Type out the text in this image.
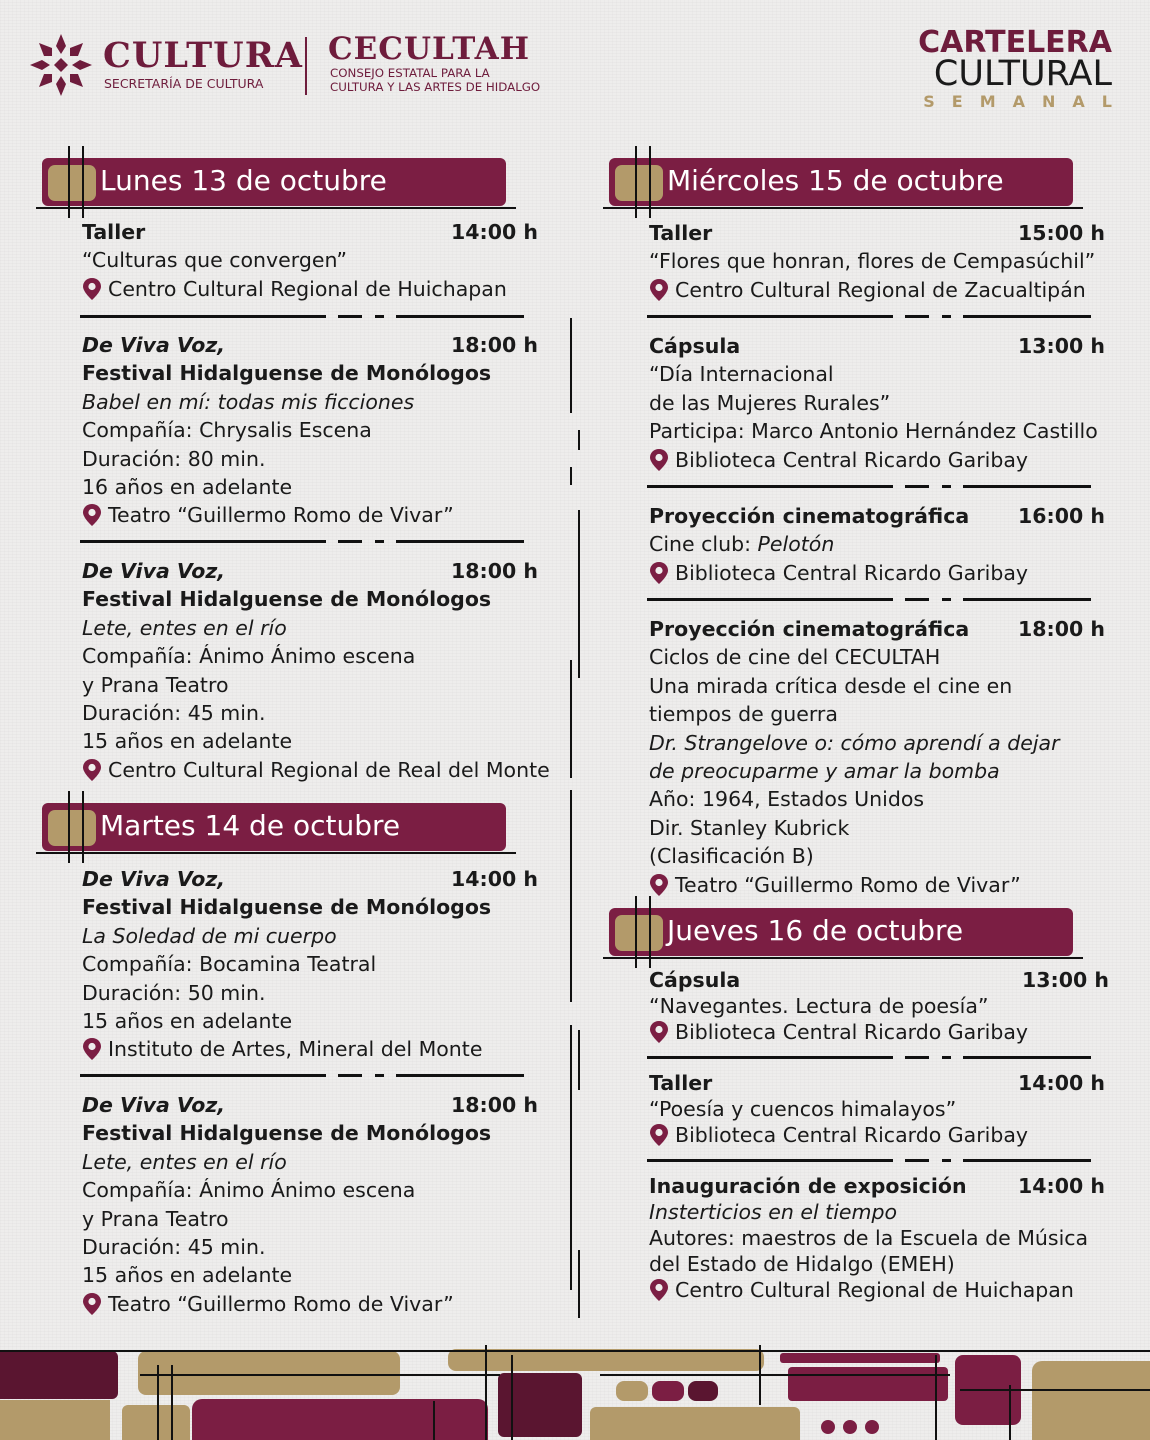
CULTURA
SECRETARÍA DE CULTURA
CECULTAH
CONSEJO ESTATAL PARA LA
CULTURA Y LAS ARTES DE HIDALGO
CARTELERA
CULTURAL
SEMANAL
Lunes 13 de octubre
Martes 14 de octubre
Miércoles 15 de octubre
Jueves 16 de octubre
Taller	14:00 h
“Culturas que convergen”
Centro Cultural Regional de Huichapan
De Viva Voz,	18:00 h
Festival Hidalguense de Monólogos
Babel en mí: todas mis ficciones
Compañía: Chrysalis Escena
Duración: 80 min.
16 años en adelante
Teatro “Guillermo Romo de Vivar”
De Viva Voz,	18:00 h
Festival Hidalguense de Monólogos
Lete, entes en el río
Compañía: Ánimo Ánimo escena
y Prana Teatro
Duración: 45 min.
15 años en adelante
Centro Cultural Regional de Real del Monte
De Viva Voz,	14:00 h
Festival Hidalguense de Monólogos
La Soledad de mi cuerpo
Compañía: Bocamina Teatral
Duración: 50 min.
15 años en adelante
Instituto de Artes, Mineral del Monte
De Viva Voz,	18:00 h
Festival Hidalguense de Monólogos
Lete, entes en el río
Compañía: Ánimo Ánimo escena
y Prana Teatro
Duración: 45 min.
15 años en adelante
Teatro “Guillermo Romo de Vivar”
Taller	15:00 h
“Flores que honran, flores de Cempasúchil”
Centro Cultural Regional de Zacualtipán
Cápsula	13:00 h
“Día Internacional
de las Mujeres Rurales”
Participa: Marco Antonio Hernández Castillo
Biblioteca Central Ricardo Garibay
Proyección cinematográfica 16:00 h
Cine club: Pelotón
Biblioteca Central Ricardo Garibay
Proyección cinematográfica 18:00 h
Ciclos de cine del CECULTAH
Una mirada crítica desde el cine en
tiempos de guerra
Dr. Strangelove o: cómo aprendí a dejar
de preocuparme y amar la bomba
Año: 1964, Estados Unidos
Dir. Stanley Kubrick
(Clasificación B)
Teatro “Guillermo Romo de Vivar”
Cápsula	13:00 h
“Navegantes. Lectura de poesía”
Biblioteca Central Ricardo Garibay
Taller	14:00 h
“Poesía y cuencos himalayos”
Biblioteca Central Ricardo Garibay
Inauguración de exposición	14:00 h
Insterticios en el tiempo
Autores: maestros de la Escuela de Música
del Estado de Hidalgo (EMEH)
Centro Cultural Regional de Huichapan
